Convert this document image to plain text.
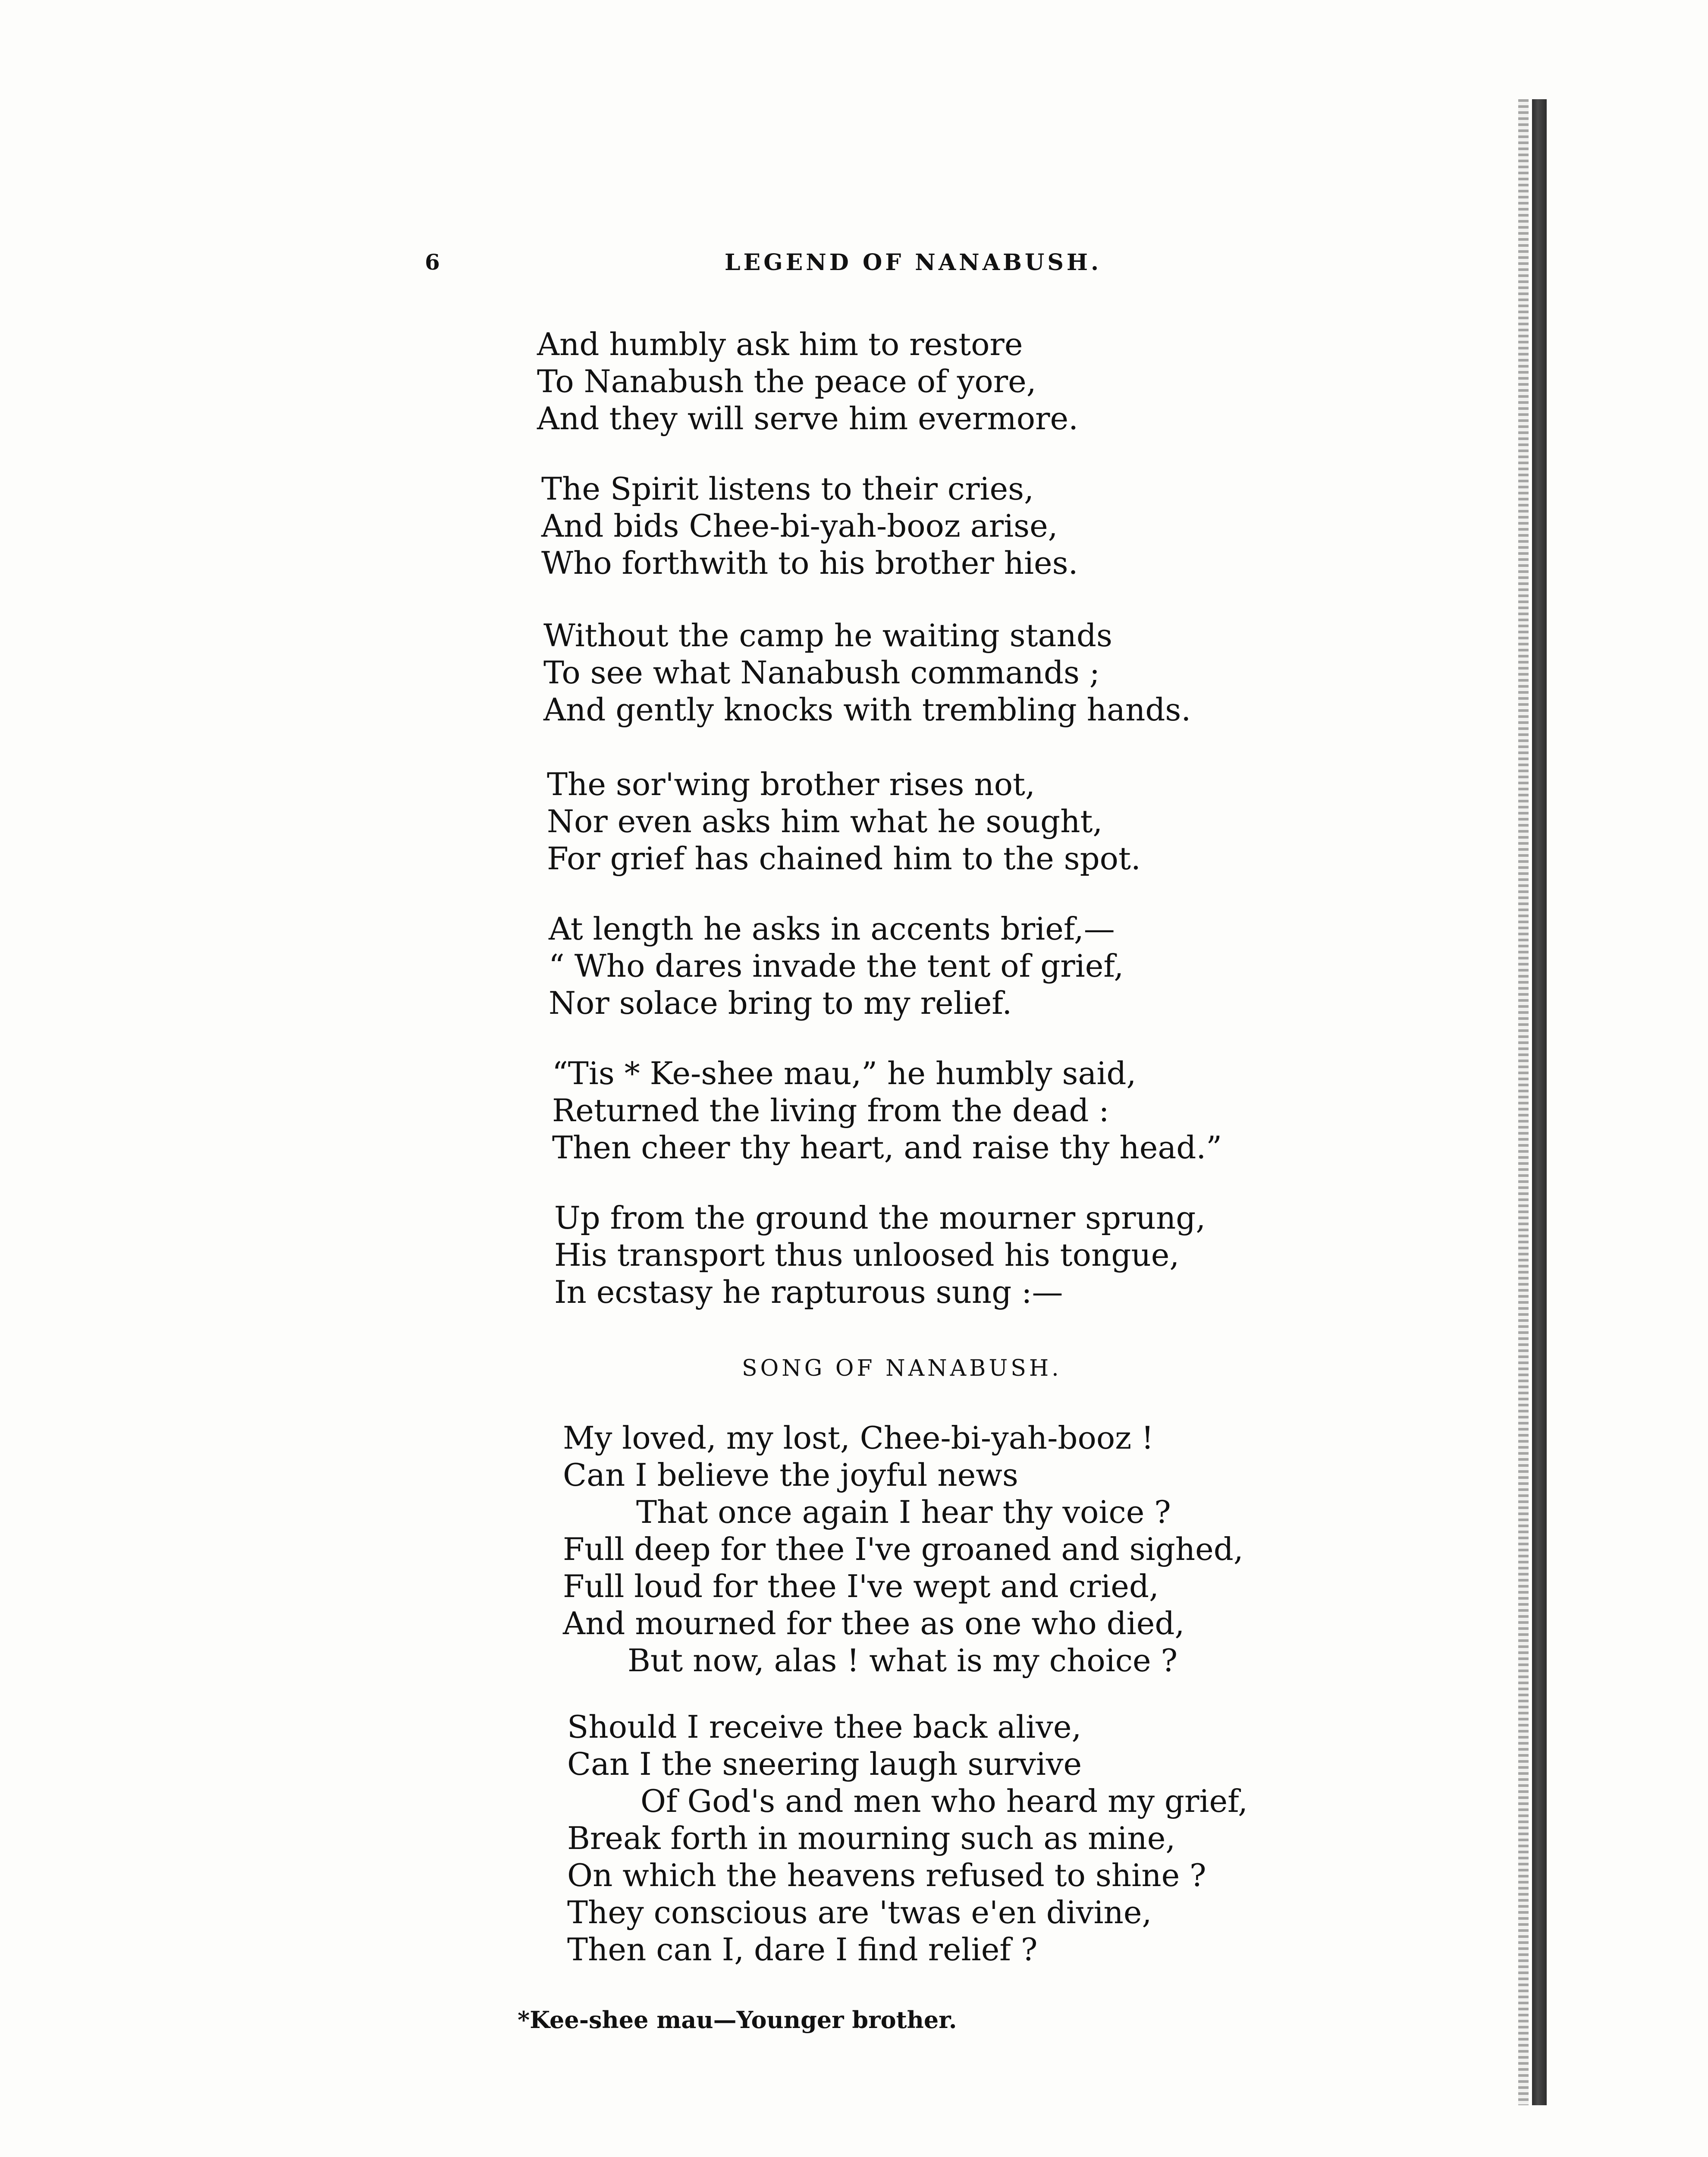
6	LEGEND OF NANABUSH.
And humbly ask him to restore
To Nanabush the peace of yore,
And they will serve him evermore.
The Spirit listens to their cries,
And bids Chee-bi-yah-booz arise,
Who forthwith to his brother hies.
Without the camp he waiting stands
To see what Nanabush commands ;
And gently knocks with trembling hands.
The sor'wing brother rises not,
Nor even asks him what he sought,
For grief has chained him to the spot.
At length he asks in accents brief,—
“ Who dares invade the tent of grief,
Nor solace bring to my relief.
“Tis * Ke-shee mau,” he humbly said,
Returned the living from the dead :
Then cheer thy heart, and raise thy head.”
Up from the ground the mourner sprung,
His transport thus unloosed his tongue,
In ecstasy he rapturous sung :—
SONG OF NANABUSH.
My loved, my lost, Chee-bi-yah-booz !
Can I believe the joyful news
That once again I hear thy voice ?
Full deep for thee I've groaned and sighed,
Full loud for thee I've wept and cried,
And mourned for thee as one who died,
But now, alas ! what is my choice ?
Should I receive thee back alive,
Can I the sneering laugh survive
Of God's and men who heard my grief,
Break forth in mourning such as mine,
On which the heavens refused to shine ?
They conscious are 'twas e'en divine,
Then can I, dare I find relief ?
*Kee-shee mau—Younger brother.
